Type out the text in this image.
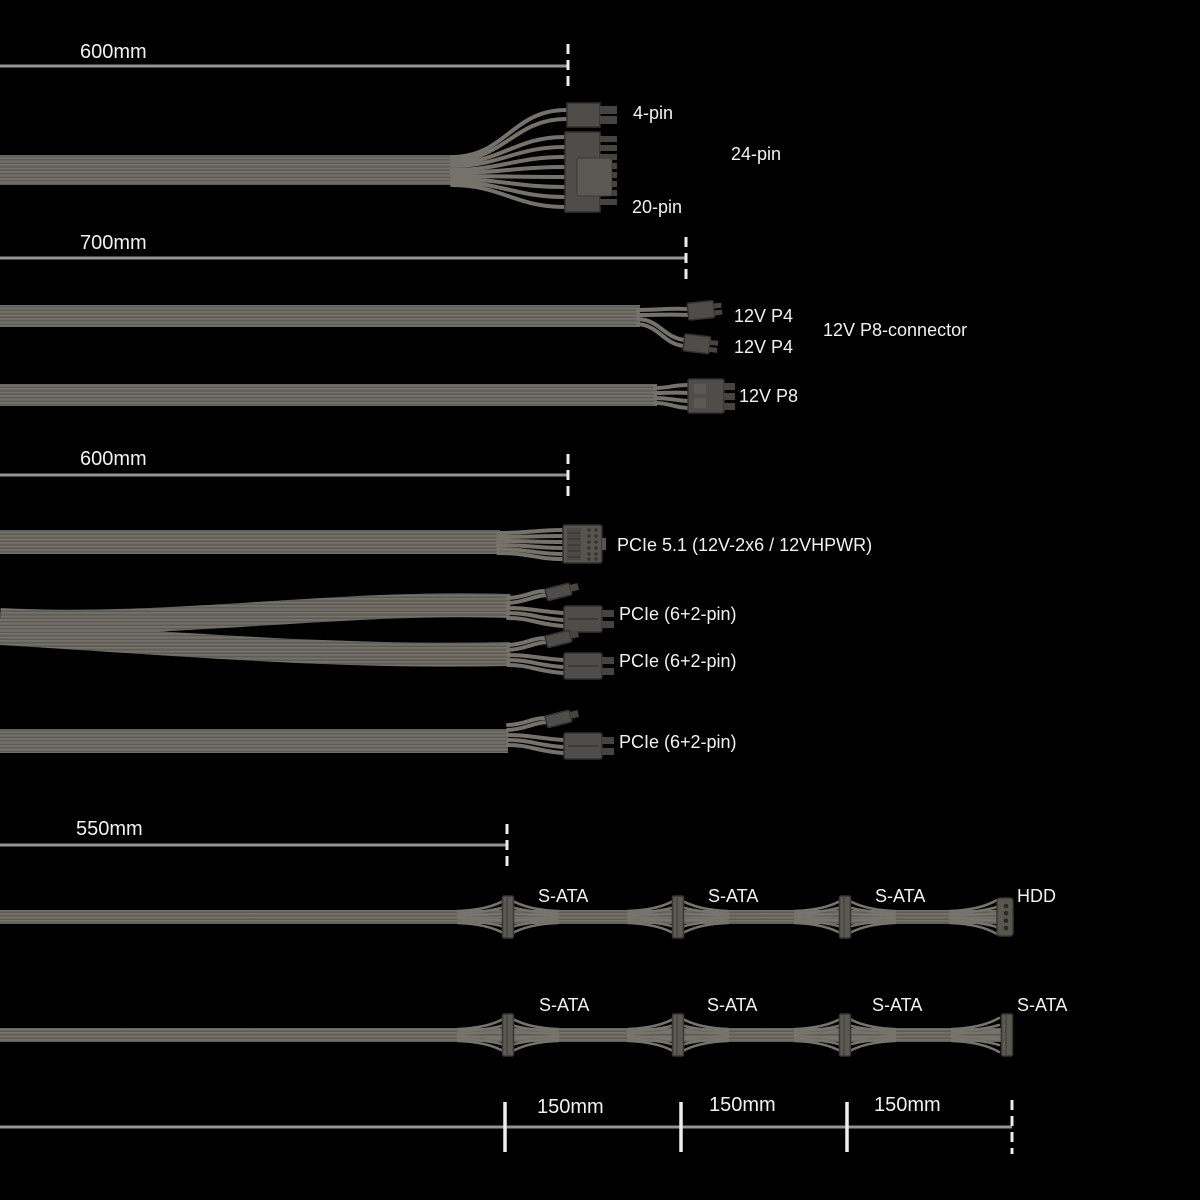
600mm
4-pin
24-pin
20-pin
700mm
12V P4
12V P4
12V P8-connector
12V P8
600mm
PCIe 5.1 (12V-2x6 / 12VHPWR)
PCIe (6+2-pin)
PCIe (6+2-pin)
PCIe (6+2-pin)
S-ATA	S-ATA	S-ATA	HDD
S-ATA	S-ATA	S-ATA	S-ATA
550mm
150mm	150mm	150mm
